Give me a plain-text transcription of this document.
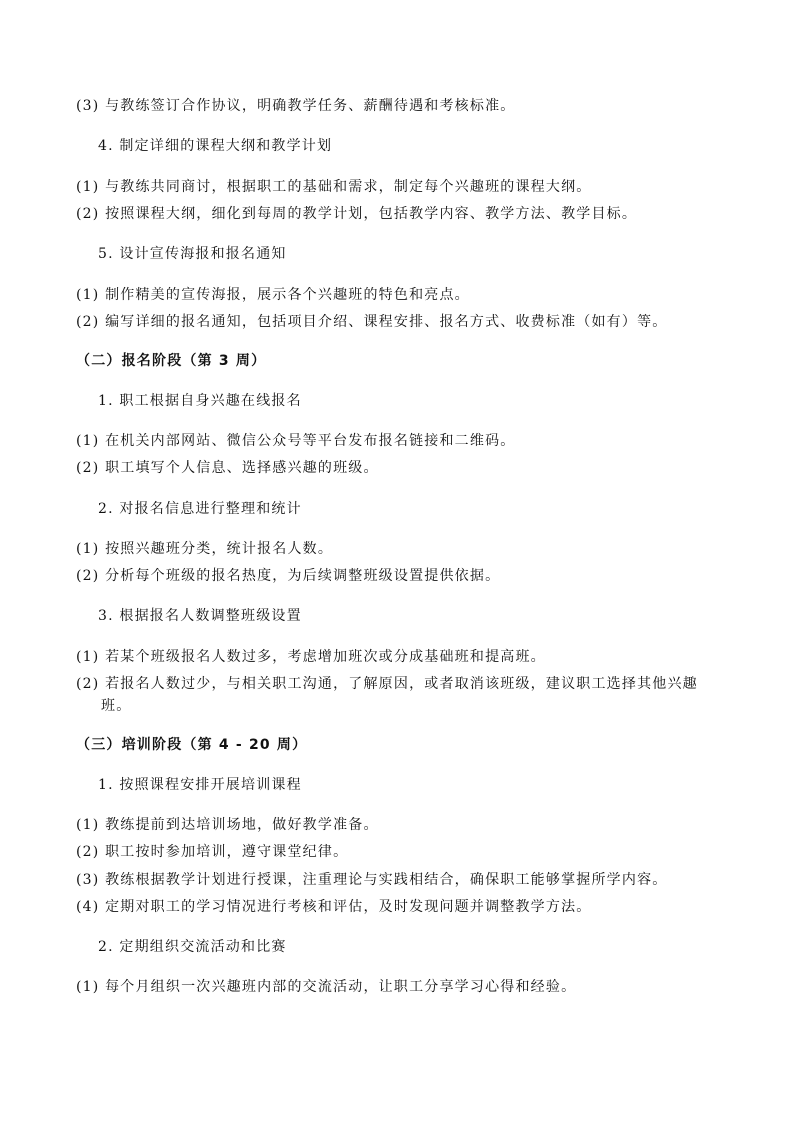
(3) 与教练签订合作协议，明确教学任务、薪酬待遇和考核标准。
4. 制定详细的课程大纲和教学计划
(1) 与教练共同商讨，根据职工的基础和需求，制定每个兴趣班的课程大纲。
(2) 按照课程大纲，细化到每周的教学计划，包括教学内容、教学方法、教学目标。
5. 设计宣传海报和报名通知
(1) 制作精美的宣传海报，展示各个兴趣班的特色和亮点。
(2) 编写详细的报名通知，包括项目介绍、课程安排、报名方式、收费标准（如有）等。
（二）报名阶段（第 3 周）
1. 职工根据自身兴趣在线报名
(1) 在机关内部网站、微信公众号等平台发布报名链接和二维码。
(2) 职工填写个人信息、选择感兴趣的班级。
2. 对报名信息进行整理和统计
(1) 按照兴趣班分类，统计报名人数。
(2) 分析每个班级的报名热度，为后续调整班级设置提供依据。
3. 根据报名人数调整班级设置
(1) 若某个班级报名人数过多，考虑增加班次或分成基础班和提高班。
(2) 若报名人数过少，与相关职工沟通，了解原因，或者取消该班级，建议职工选择其他兴趣
班。
（三）培训阶段（第 4 - 20 周）
1. 按照课程安排开展培训课程
(1) 教练提前到达培训场地，做好教学准备。
(2) 职工按时参加培训，遵守课堂纪律。
(3) 教练根据教学计划进行授课，注重理论与实践相结合，确保职工能够掌握所学内容。
(4) 定期对职工的学习情况进行考核和评估，及时发现问题并调整教学方法。
2. 定期组织交流活动和比赛
(1) 每个月组织一次兴趣班内部的交流活动，让职工分享学习心得和经验。
